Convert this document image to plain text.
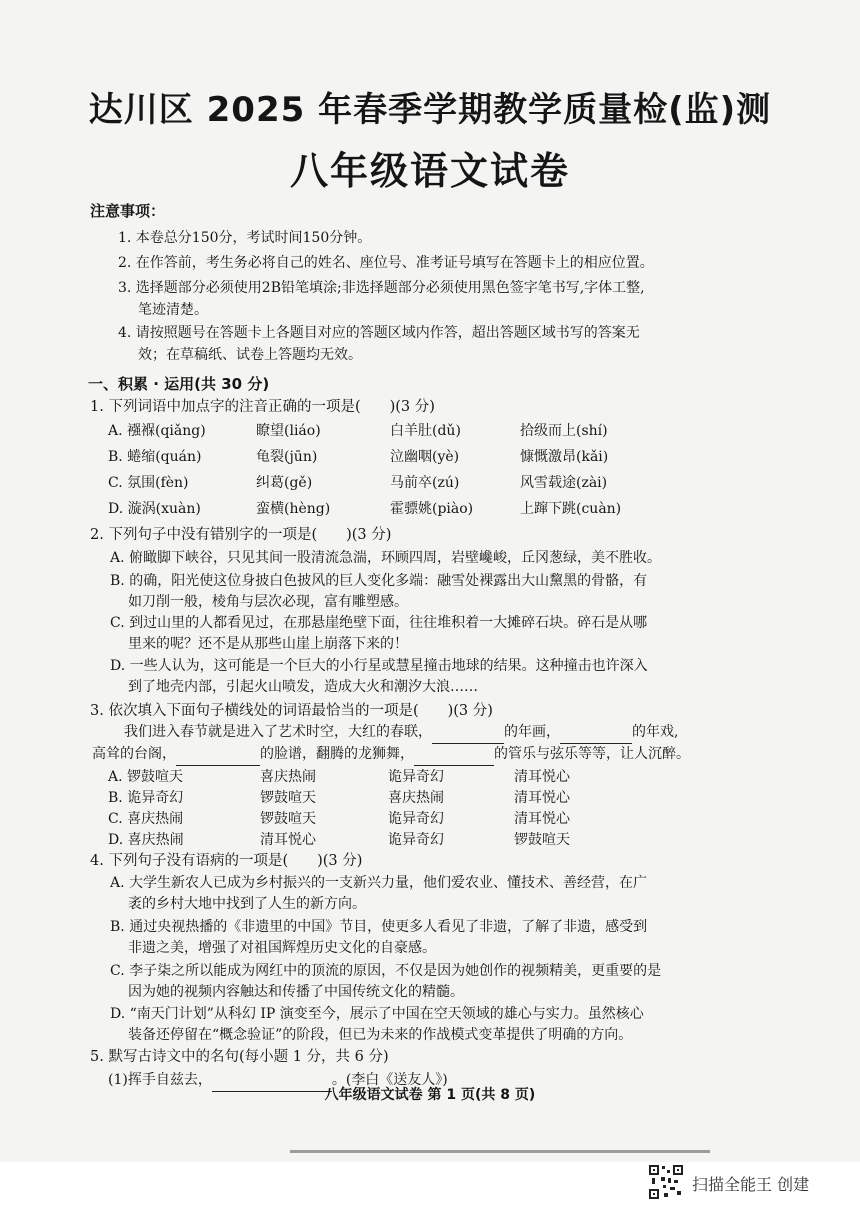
达川区 2025 年春季学期教学质量检(监)测
八年级语文试卷
注意事项：
1. 本卷总分150分，考试时间150分钟。
2. 在作答前，考生务必将自己的姓名、座位号、准考证号填写在答题卡上的相应位置。
3. 选择题部分必须使用2B铅笔填涂;非选择题部分必须使用黑色签字笔书写,字体工整,
笔迹清楚。
4. 请按照题号在答题卡上各题目对应的答题区域内作答，超出答题区域书写的答案无
效；在草稿纸、试卷上答题均无效。
一、积累 · 运用(共 30 分)
1. 下列词语中加点字的注音正确的一项是(　　)(3 分)
A. 襁褓(qiǎng)	瞭望(liáo)	白羊肚(dǔ)	拾级而上(shí)
B. 蜷缩(quán)	龟裂(jūn)	泣幽咽(yè)	慷慨激昂(kǎi)
C. 氛围(fèn)	纠葛(gě)	马前卒(zú)	风雪载途(zài)
D. 漩涡(xuàn)	蛮横(hèng)	霍骠姚(piào)	上蹿下跳(cuàn)
2. 下列句子中没有错别字的一项是(　　)(3 分)
A. 俯瞰脚下峡谷，只见其间一股清流急湍，环顾四周，岩壁巉峻，丘冈葱绿，美不胜收。
B. 的确，阳光使这位身披白色披风的巨人变化多端：融雪处裸露出大山黧黑的骨骼，有
如刀削一般，棱角与层次必现，富有雕塑感。
C. 到过山里的人都看见过，在那悬崖绝壁下面，往往堆积着一大摊碎石块。碎石是从哪
里来的呢？还不是从那些山崖上崩落下来的！
D. 一些人认为，这可能是一个巨大的小行星或慧星撞击地球的结果。这种撞击也许深入
到了地壳内部，引起火山喷发，造成大火和潮汐大浪……
3. 依次填入下面句子横线处的词语最恰当的一项是(　　)(3 分)
我们进入春节就是进入了艺术时空，大红的春联，	的年画，	的年戏,
高耸的台阁，	的脸谱，翻腾的龙狮舞，	的管乐与弦乐等等，让人沉醉。
A. 锣鼓喧天	喜庆热闹	诡异奇幻	清耳悦心
B. 诡异奇幻	锣鼓喧天	喜庆热闹	清耳悦心
C. 喜庆热闹	锣鼓喧天	诡异奇幻	清耳悦心
D. 喜庆热闹	清耳悦心	诡异奇幻	锣鼓喧天
4. 下列句子没有语病的一项是(　　)(3 分)
A. 大学生新农人已成为乡村振兴的一支新兴力量，他们爱农业、懂技术、善经营，在广
袤的乡村大地中找到了人生的新方向。
B. 通过央视热播的《非遗里的中国》节目，使更多人看见了非遗，了解了非遗，感受到
非遗之美，增强了对祖国辉煌历史文化的自豪感。
C. 李子柒之所以能成为网红中的顶流的原因，不仅是因为她创作的视频精美，更重要的是
因为她的视频内容触达和传播了中国传统文化的精髓。
D. “南天门计划”从科幻 IP 演变至今，展示了中国在空天领域的雄心与实力。虽然核心
装备还停留在“概念验证”的阶段，但已为未来的作战模式变革提供了明确的方向。
5. 默写古诗文中的名句(每小题 1 分，共 6 分)
(1)挥手自兹去，	。(李白《送友人》)
八年级语文试卷 第 1 页(共 8 页)
扫描全能王 创建
